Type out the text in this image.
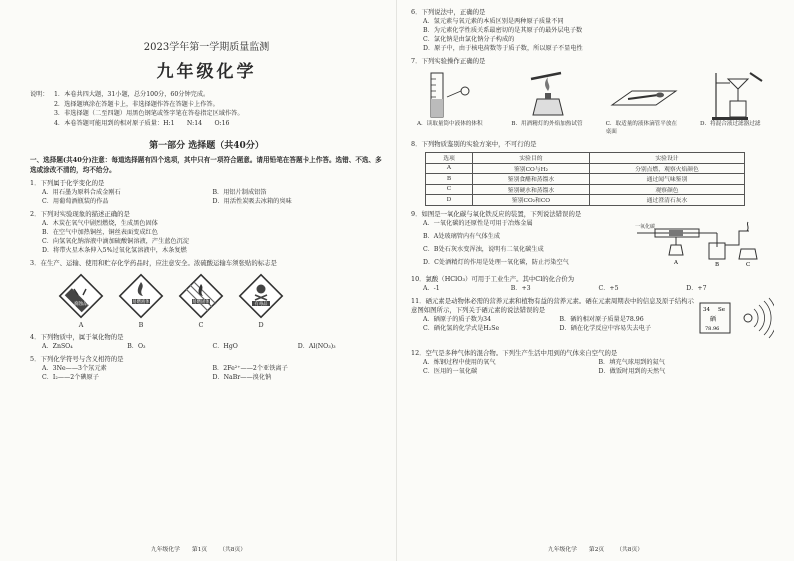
2023学年第一学期质量监测
九年级化学
说明： 1．本卷共四大题，31小题，总分100分，60分钟完成。
2．选择题填涂在答题卡上，非选择题作答在答题卡上作答。
3．非选择题（二至四题）用黑色钢笔或签字笔在答卷指定区域作答。
4．本卷答题可能用到的相对原子质量：H:1　　N:14　　O:16
第一部分 选择题（共40分）
一、选择题(共40分)注意：每道选择题有四个选项，其中只有一项符合题意。请用铅笔在答题卡上作答。选错、不选、多选或涂改不清的，均不给分。
1．下列属于化学变化的是
A．用石墨为原料合成金刚石	B．用铝片制成铝箔
C．用葡萄酒瓶装的作品	D．用活性炭吸去冰箱的臭味
2．下列对实验现象的描述正确的是
A．木炭在氧气中剧烈燃烧，生成黑色固体
B．在空气中加热铜丝，铜丝表面变成红色
C．向氢氧化钠溶液中滴加硫酸铜溶液，产生蓝色沉淀
D．将带火星木条伸入5%过氧化氢溶液中，木条复燃
3．在生产、运输、使用和贮存化学药品时，应注意安全。浓硫酸运输车须张贴的标志是
腐蚀品	易燃液体	易燃固体	有毒品
A	B	C	D
4．下列物质中，属于氧化物的是
A．ZnSO₄	B．O₃	C．HgO	D．Al(NO₃)₃
5．下列化学符号与含义相符的是
A．3Ne——3个氖元素	B．2Fe²⁺——2个亚铁离子
C．I₂——2个碘原子	D．NaBr——溴化钠
九年级化学 第1页 （共8页）
6．下列说法中，正确的是
A．氢元素与氧元素的本质区别是两种原子质量不同
B．为元素化学性质关系最密切的是其原子的最外层电子数
C．氯化钠是由氯化钠分子构成的
D．原子中，由于核电荷数等于质子数，所以原子不显电性
7．下列实验操作正确的是
A．读取量筒中液体的体积	B．用酒精灯的外焰加热试管	C．取适量的液体滴管平放在桌面
D．将混合液过滤器过滤
8．下列物质鉴别的实验方案中，不可行的是
选项	实验目的	实验设计
A	鉴别CO与H₂	分别点燃，观察火焰颜色
B	鉴别食醋和蒸馏水	通过闻气味鉴别
C	鉴别硬水和蒸馏水	观察颜色
D	鉴别CO₂和CO	通过澄清石灰水
9．如图是一氧化碳与氧化铁反应的装置，下列说法错误的是
A．一氧化碳的还原性是可用于冶炼金属
B．A处玻璃管内有气体生成
C．B处石灰水变浑浊，说明有二氧化碳生成
D．C处酒精灯的作用是处理一氧化碳，防止污染空气
一氧化碳
A	B	C
10．氯酸（HClO₃）可用于工业生产。其中Cl的化合价为
A．-1	B．+3	C．+5	D．+7
11．硒元素是动物体必需的营养元素和植物有益的营养元素。硒在元素周期表中的信息及原子结构示意图如图所示，下列关于硒元素的说法错误的是
A．硒原子的质子数为34	B．硒的相对原子质量是78.96
C．硒化氢的化学式是H₂Se	D．硒在化学反应中容易失去电子
34 Se
硒
78.96
12．空气是多种气体的混合物。下列生产生活中用到的气体来自空气的是
A．炼钢过程中使用的氧气	B．填充气球用到的氦气
C．医用的一氧化碳	D．做饭时用到的天然气
九年级化学 第2页 （共8页）
